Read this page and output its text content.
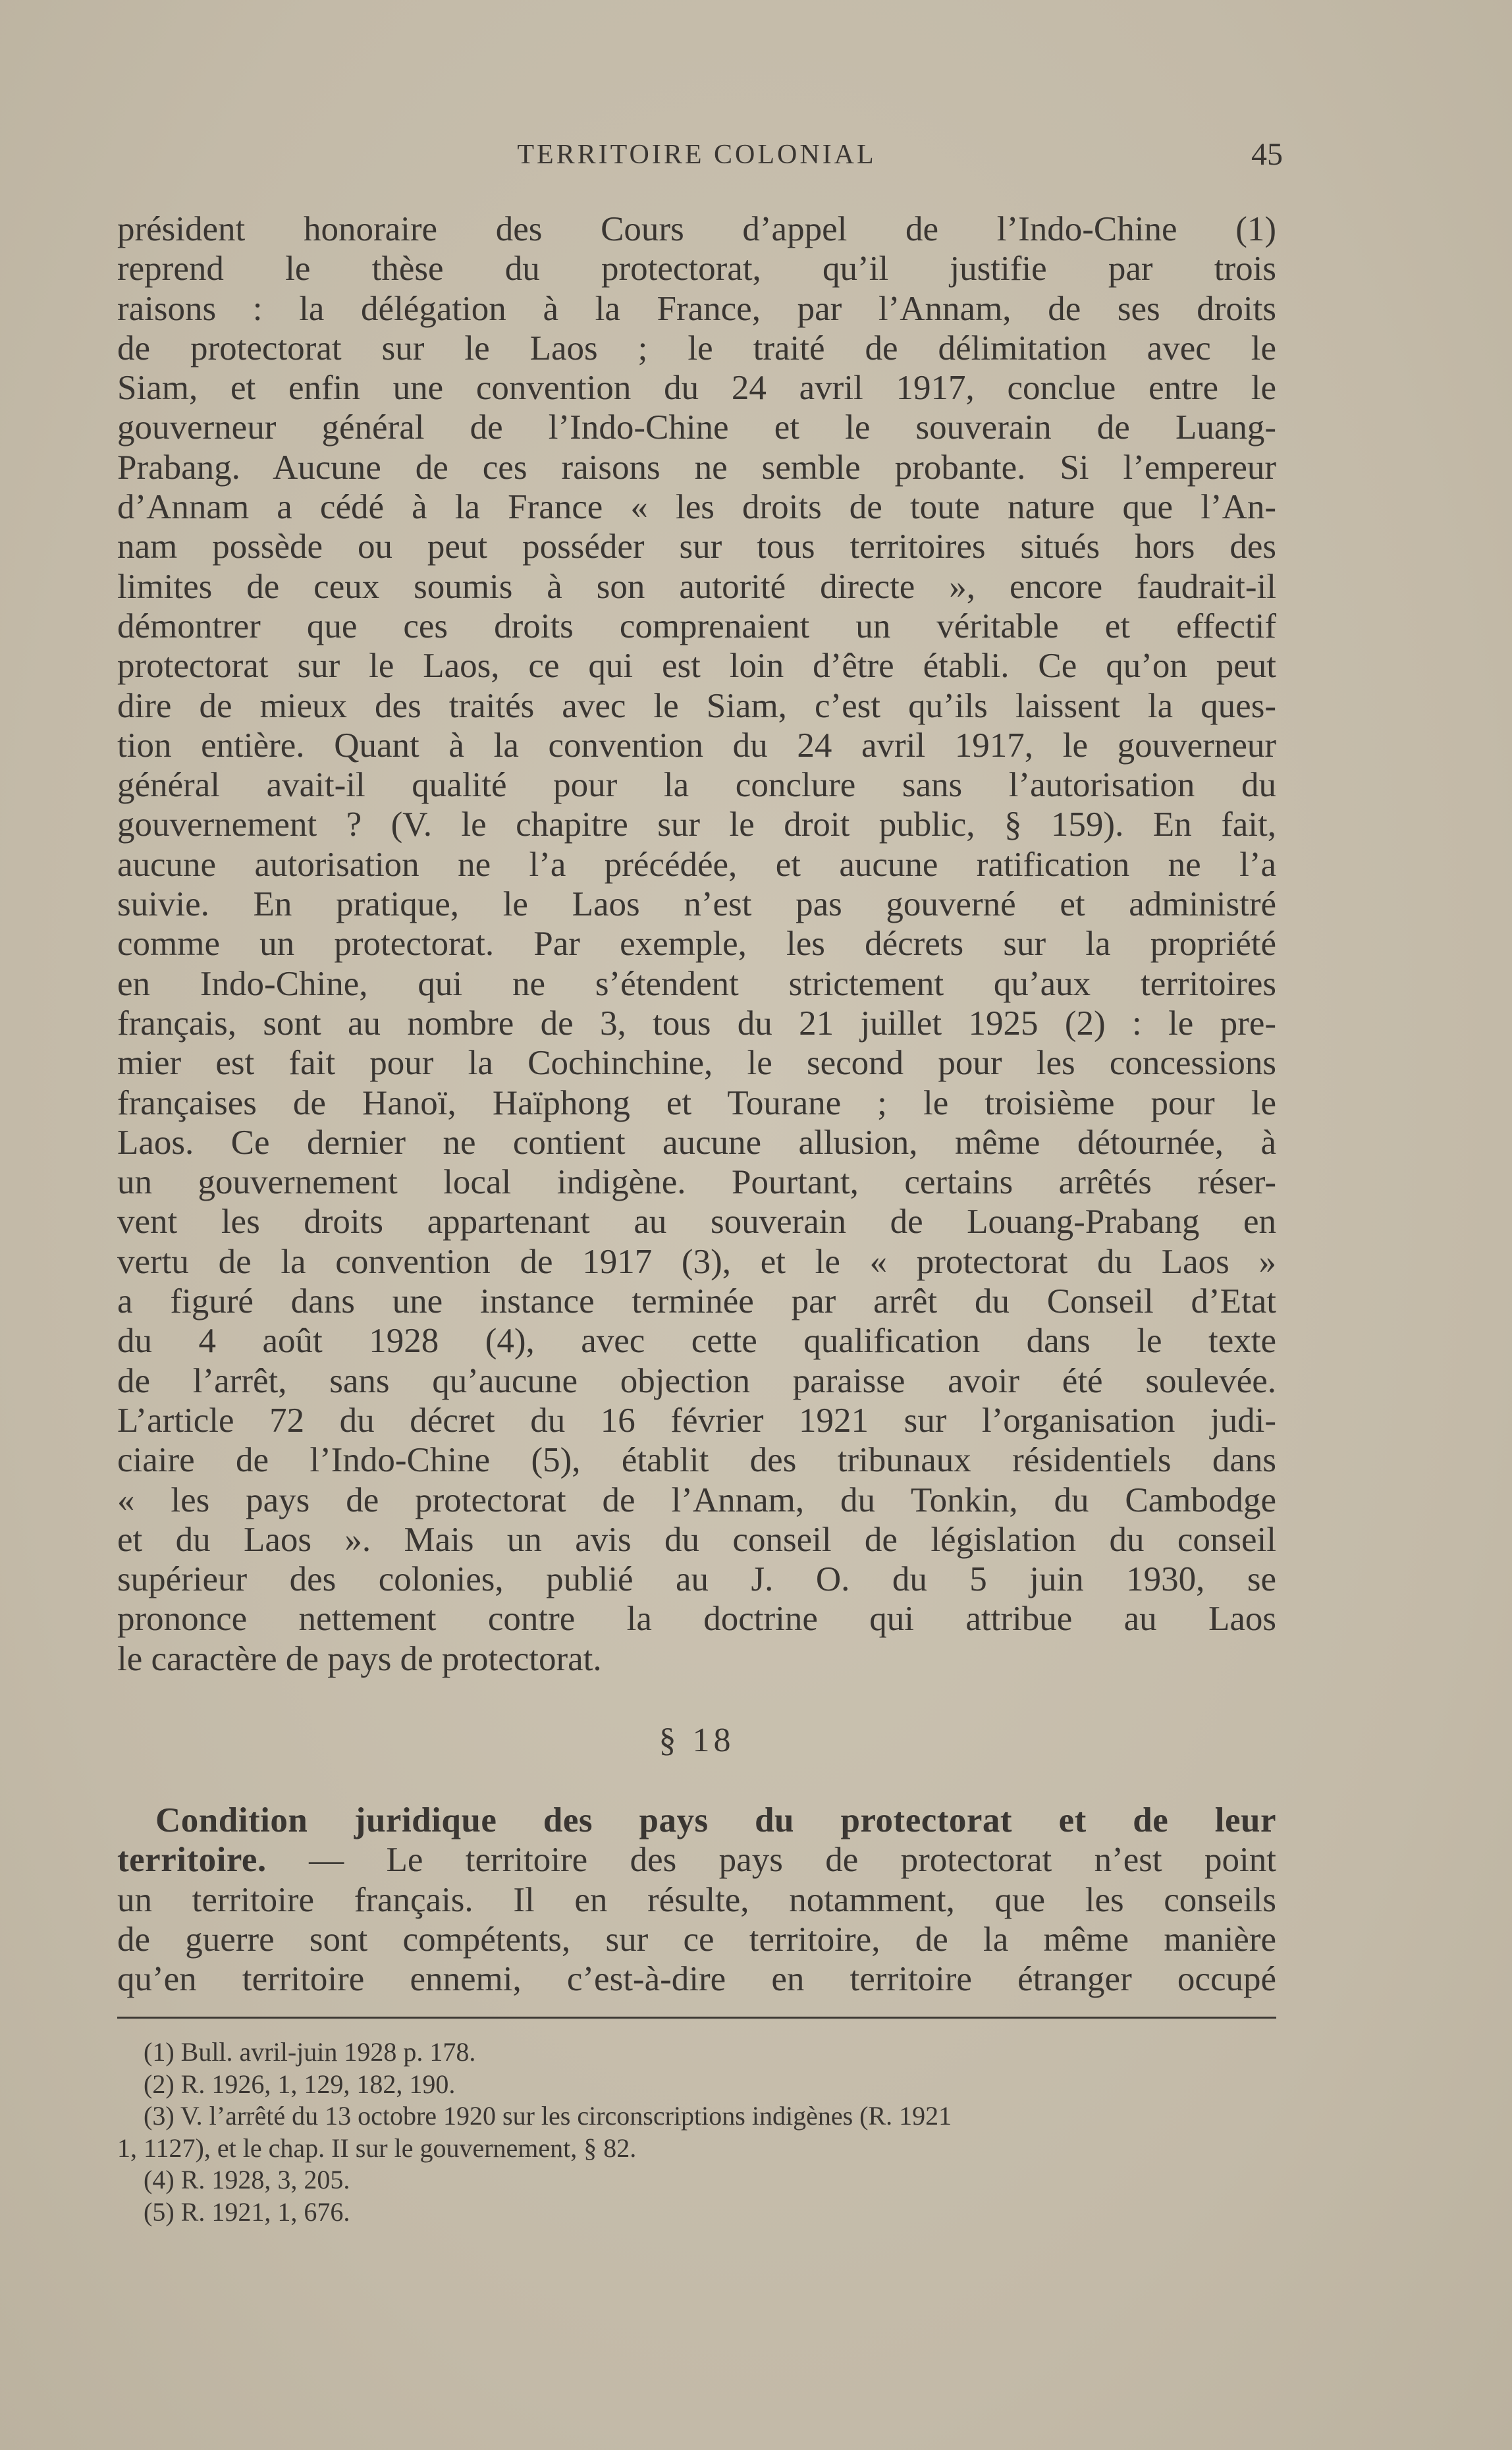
TERRITOIRE COLONIAL	45
président honoraire des Cours d’appel de l’Indo-Chine (1)
reprend le thèse du protectorat, qu’il justifie par trois
raisons : la délégation à la France, par l’Annam, de ses droits
de protectorat sur le Laos ; le traité de délimitation avec le
Siam, et enfin une convention du 24 avril 1917, conclue entre le
gouverneur général de l’Indo-Chine et le souverain de Luang-
Prabang. Aucune de ces raisons ne semble probante. Si l’empereur
d’Annam a cédé à la France « les droits de toute nature que l’An-
nam possède ou peut posséder sur tous territoires situés hors des
limites de ceux soumis à son autorité directe », encore faudrait-il
démontrer que ces droits comprenaient un véritable et effectif
protectorat sur le Laos, ce qui est loin d’être établi. Ce qu’on peut
dire de mieux des traités avec le Siam, c’est qu’ils laissent la ques-
tion entière. Quant à la convention du 24 avril 1917, le gouverneur
général avait-il qualité pour la conclure sans l’autorisation du
gouvernement ? (V. le chapitre sur le droit public, § 159). En fait,
aucune autorisation ne l’a précédée, et aucune ratification ne l’a
suivie. En pratique, le Laos n’est pas gouverné et administré
comme un protectorat. Par exemple, les décrets sur la propriété
en Indo-Chine, qui ne s’étendent strictement qu’aux territoires
français, sont au nombre de 3, tous du 21 juillet 1925 (2) : le pre-
mier est fait pour la Cochinchine, le second pour les concessions
françaises de Hanoï, Haïphong et Tourane ; le troisième pour le
Laos. Ce dernier ne contient aucune allusion, même détournée, à
un gouvernement local indigène. Pourtant, certains arrêtés réser-
vent les droits appartenant au souverain de Louang-Prabang en
vertu de la convention de 1917 (3), et le « protectorat du Laos »
a figuré dans une instance terminée par arrêt du Conseil d’Etat
du 4 août 1928 (4), avec cette qualification dans le texte
de l’arrêt, sans qu’aucune objection paraisse avoir été soulevée.
L’article 72 du décret du 16 février 1921 sur l’organisation judi-
ciaire de l’Indo-Chine (5), établit des tribunaux résidentiels dans
« les pays de protectorat de l’Annam, du Tonkin, du Cambodge
et du Laos ». Mais un avis du conseil de législation du conseil
supérieur des colonies, publié au J. O. du 5 juin 1930, se
prononce nettement contre la doctrine qui attribue au Laos
le caractère de pays de protectorat.
§ 18
Condition juridique des pays du protectorat et de leur
territoire. — Le territoire des pays de protectorat n’est point
un territoire français. Il en résulte, notamment, que les conseils
de guerre sont compétents, sur ce territoire, de la même manière
qu’en territoire ennemi, c’est-à-dire en territoire étranger occupé
(1) Bull. avril-juin 1928 p. 178.
(2) R. 1926, 1, 129, 182, 190.
(3) V. l’arrêté du 13 octobre 1920 sur les circonscriptions indigènes (R. 1921
1, 1127), et le chap. II sur le gouvernement, § 82.
(4) R. 1928, 3, 205.
(5) R. 1921, 1, 676.
